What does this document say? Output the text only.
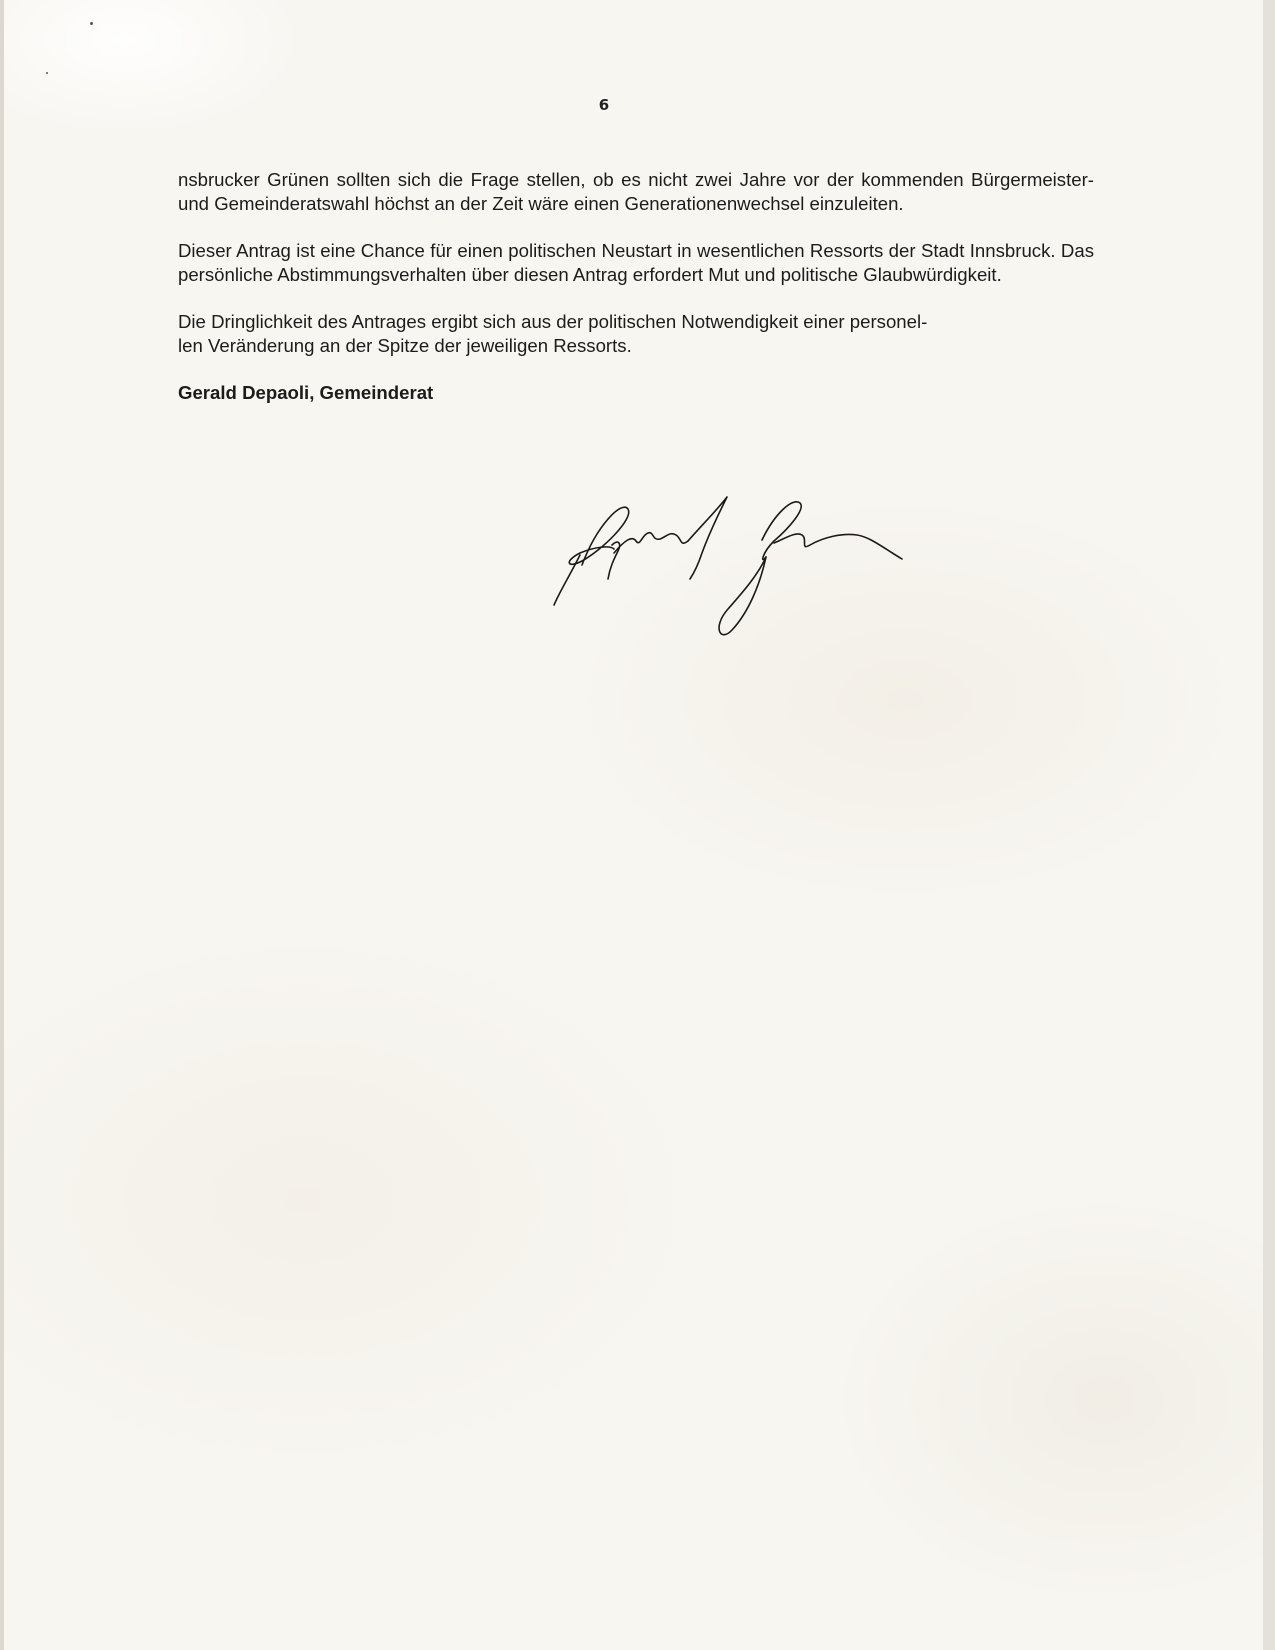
6

nsbrucker Grünen sollten sich die Frage stellen, ob es nicht zwei Jahre vor der kommenden Bürgermeister- und Gemeinderatswahl höchst an der Zeit wäre einen Generationenwechsel einzuleiten.

Dieser Antrag ist eine Chance für einen politischen Neustart in wesentlichen Ressorts der Stadt Innsbruck. Das persönliche Abstimmungsverhalten über diesen Antrag erfordert Mut und politische Glaubwürdigkeit.

Die Dringlichkeit des Antrages ergibt sich aus der politischen Notwendigkeit einer personel-
len Veränderung an der Spitze der jeweiligen Ressorts.

Gerald Depaoli, Gemeinderat
